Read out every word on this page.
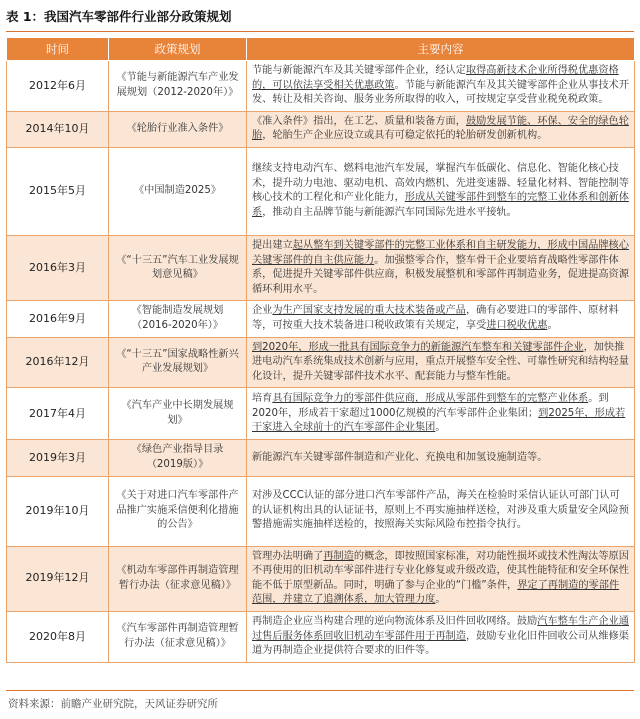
表 1：我国汽车零部件行业部分政策规划
时间	政策规划	主要内容
2012年6月	《节能与新能源汽车产业发展规划（2012-2020年）》	节能与新能源汽车及其关键零部件企业，经认定取得高新技术企业所得税优惠资格的，可以依法享受相关优惠政策。节能与新能源汽车及其关键零部件企业从事技术开发、转让及相关咨询、服务业务所取得的收入，可按规定享受营业税免税政策。
2014年10月	《轮胎行业准入条件》	《准入条件》指出，在工艺、质量和装备方面，鼓励发展节能、环保、安全的绿色轮胎，轮胎生产企业应设立或具有可稳定依托的轮胎研发创新机构。
2015年5月	《中国制造2025》	继续支持电动汽车、燃料电池汽车发展，掌握汽车低碳化、信息化、智能化核心技术，提升动力电池、驱动电机、高效内燃机、先进变速器、轻量化材料、智能控制等核心技术的工程化和产业化能力，形成从关键零部件到整车的完整工业体系和创新体系，推动自主品牌节能与新能源汽车同国际先进水平接轨。
2016年3月	《“十三五”汽车工业发展规划意见稿》	提出建立起从整车到关键零部件的完整工业体系和自主研发能力，形成中国品牌核心关键零部件的自主供应能力。加强整零合作，整车骨干企业要培育战略性零部件体系，促进提升关键零部件供应商，积极发展整机和零部件再制造业务，促进提高资源循环利用水平。
2016年9月	《智能制造发展规划（2016-2020年）》	企业为生产国家支持发展的重大技术装备或产品，确有必要进口的零部件、原材料等，可按重大技术装备进口税收政策有关规定，享受进口税收优惠。
2016年12月	《“十三五”国家战略性新兴产业发展规划》	到2020年，形成一批具有国际竞争力的新能源汽车整车和关键零部件企业，加快推进电动汽车系统集成技术创新与应用，重点开展整车安全性、可靠性研究和结构轻量化设计，提升关键零部件技术水平、配套能力与整车性能。
2017年4月	《汽车产业中长期发展规划》	培育具有国际竞争力的零部件供应商，形成从零部件到整车的完整产业体系。到2020年，形成若干家超过1000亿规模的汽车零部件企业集团；到2025年，形成若干家进入全球前十的汽车零部件企业集团。
2019年3月	《绿色产业指导目录（2019版）》	新能源汽车关键零部件制造和产业化、充换电和加氢设施制造等。
2019年10月	《关于对进口汽车零部件产品推广实施采信便利化措施的公告》	对涉及CCC认证的部分进口汽车零部件产品，海关在检验时采信认证认可部门认可的认证机构出具的认证证书，原则上不再实施抽样送检，对涉及重大质量安全风险预警措施需实施抽样送检的，按照海关实际风险布控指令执行。
2019年12月	《机动车零部件再制造管理暂行办法（征求意见稿）》	管理办法明确了再制造的概念，即按照国家标准，对功能性损坏或技术性淘汰等原因不再使用的旧机动车零部件进行专业化修复或升级改造，使其性能特征和安全环保性能不低于原型新品。同时，明确了参与企业的“门槛”条件，界定了再制造的零部件范围，并建立了追溯体系，加大管理力度。
2020年8月	《汽车零部件再制造管理暂行办法（征求意见稿）》	再制造企业应当构建合理的逆向物流体系及旧件回收网络。鼓励汽车整车生产企业通过售后服务体系回收旧机动车零部件用于再制造，鼓励专业化旧件回收公司从维修渠道为再制造企业提供符合要求的旧件等。
资料来源：前瞻产业研究院，天风证券研究所
